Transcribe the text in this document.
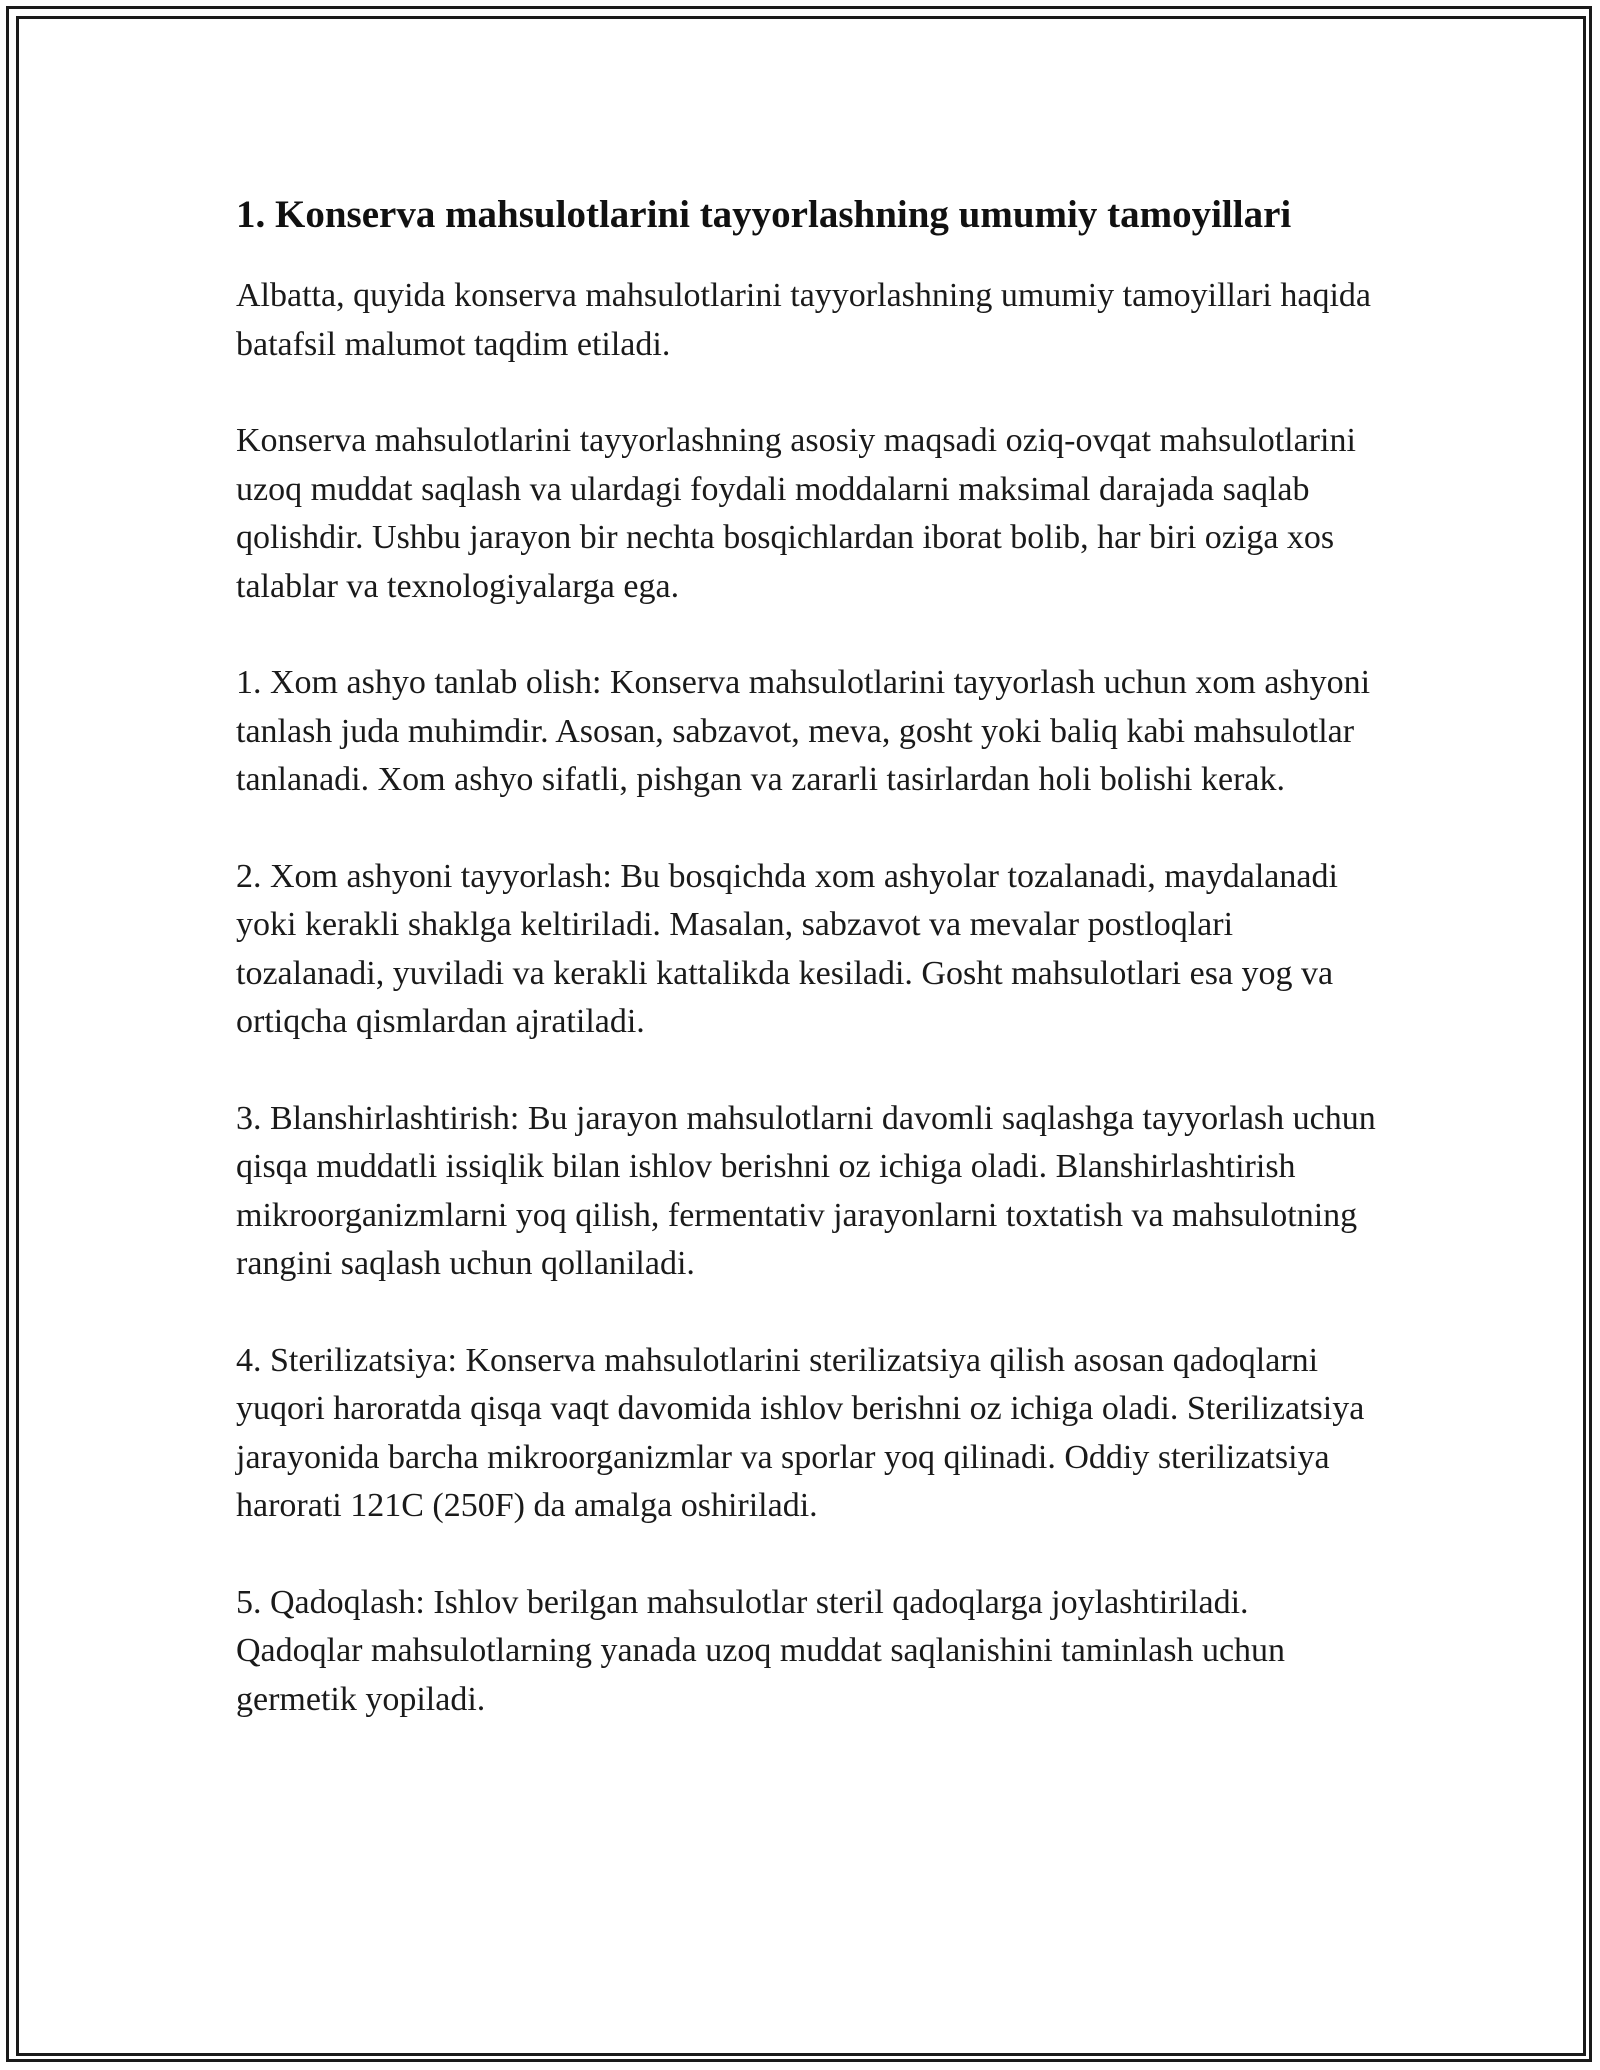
1. Konserva mahsulotlarini tayyorlashning umumiy tamoyillari

Albatta, quyida konserva mahsulotlarini tayyorlashning umumiy tamoyillari haqida batafsil malumot taqdim etiladi.

Konserva mahsulotlarini tayyorlashning asosiy maqsadi oziq-ovqat mahsulotlarini uzoq muddat saqlash va ulardagi foydali moddalarni maksimal darajada saqlab qolishdir. Ushbu jarayon bir nechta bosqichlardan iborat bolib, har biri oziga xos talablar va texnologiyalarga ega.

1. Xom ashyo tanlab olish: Konserva mahsulotlarini tayyorlash uchun xom ashyoni tanlash juda muhimdir. Asosan, sabzavot, meva, gosht yoki baliq kabi mahsulotlar tanlanadi. Xom ashyo sifatli, pishgan va zararli tasirlardan holi bolishi kerak.

2. Xom ashyoni tayyorlash: Bu bosqichda xom ashyolar tozalanadi, maydalanadi yoki kerakli shaklga keltiriladi. Masalan, sabzavot va mevalar postloqlari tozalanadi, yuviladi va kerakli kattalikda kesiladi. Gosht mahsulotlari esa yog va ortiqcha qismlardan ajratiladi.

3. Blanshirlashtirish: Bu jarayon mahsulotlarni davomli saqlashga tayyorlash uchun qisqa muddatli issiqlik bilan ishlov berishni oz ichiga oladi. Blanshirlashtirish mikroorganizmlarni yoq qilish, fermentativ jarayonlarni toxtatish va mahsulotning rangini saqlash uchun qollaniladi.

4. Sterilizatsiya: Konserva mahsulotlarini sterilizatsiya qilish asosan qadoqlarni yuqori haroratda qisqa vaqt davomida ishlov berishni oz ichiga oladi. Sterilizatsiya jarayonida barcha mikroorganizmlar va sporlar yoq qilinadi. Oddiy sterilizatsiya harorati 121C (250F) da amalga oshiriladi.

5. Qadoqlash: Ishlov berilgan mahsulotlar steril qadoqlarga joylashtiriladi. Qadoqlar mahsulotlarning yanada uzoq muddat saqlanishini taminlash uchun germetik yopiladi.
